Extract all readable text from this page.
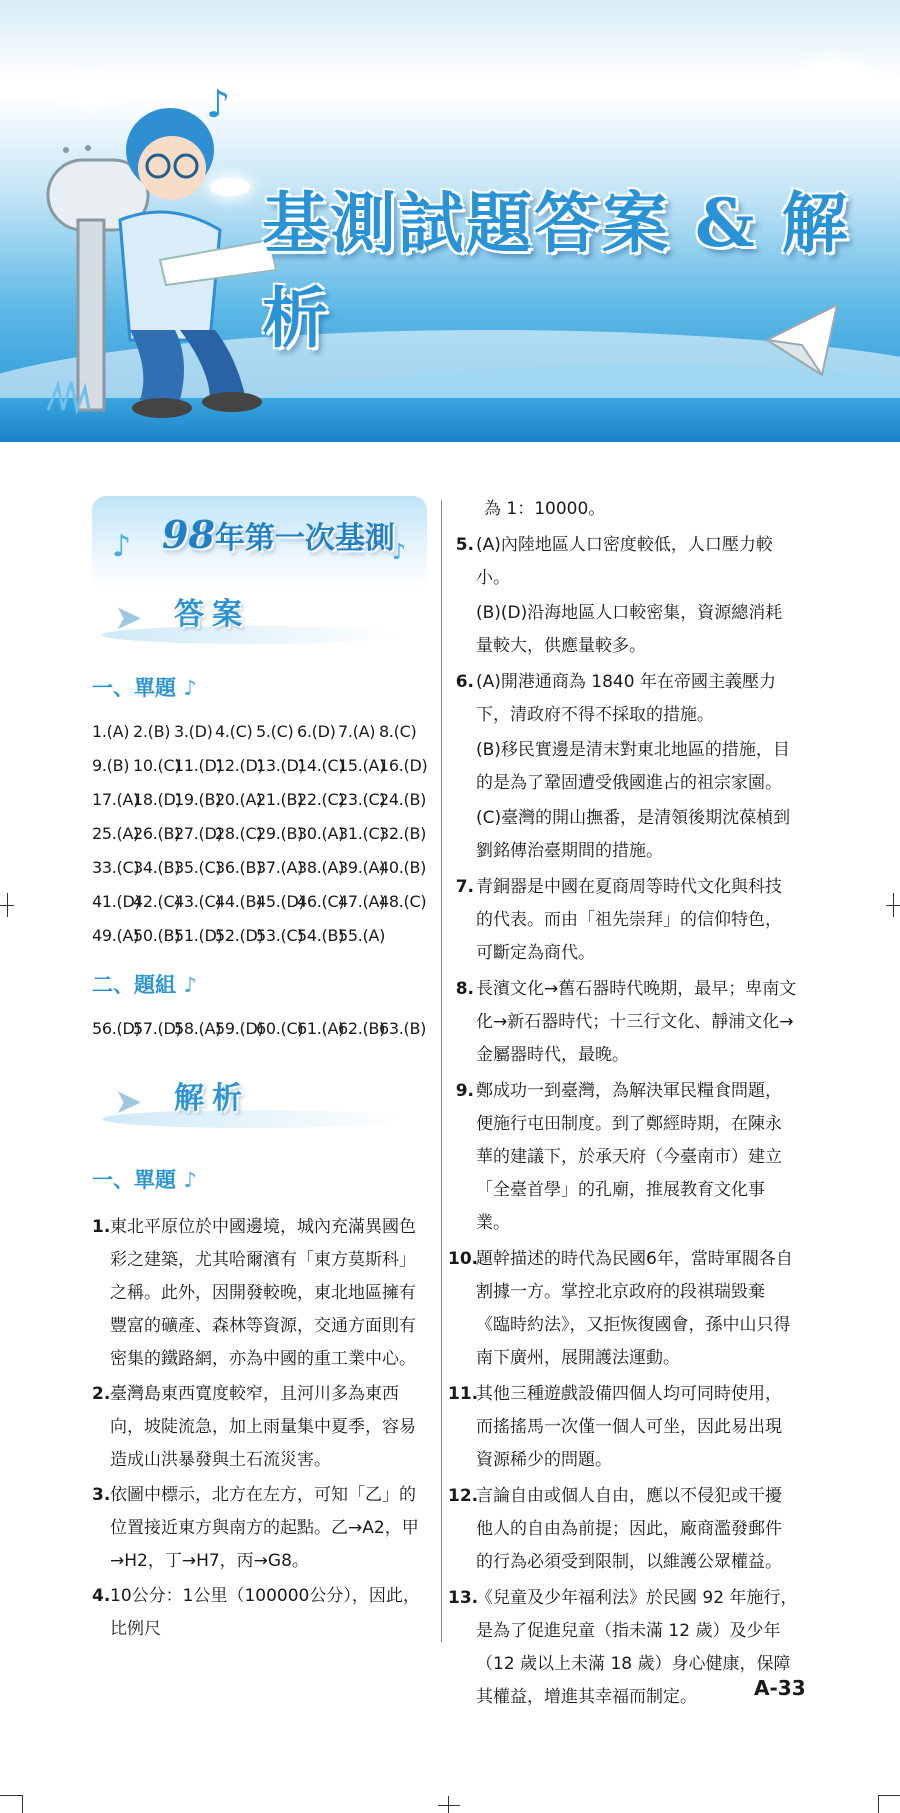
♪
基測試題答案 & 解析
♪	♪
98年第一次基測
➤ 答案
一、單題 ♪
1.(A) 2.(B) 3.(D) 4.(C) 5.(C) 6.(D) 7.(A) 8.(C)
9.(B) 10.(C)11.(D)12.(D)13.(D)14.(C)15.(A)16.(D)
17.(A)18.(D)19.(B)20.(A)21.(B)22.(C)23.(C)24.(B)
25.(A)26.(B)27.(D)28.(C)29.(B)30.(A)31.(C)32.(B)
33.(C)34.(B)35.(C)36.(B)37.(A)38.(A)39.(A)40.(B)
41.(D)42.(C)43.(C)44.(B)45.(D)46.(C)47.(A)48.(C)
49.(A)50.(B)51.(D)52.(D)53.(C)54.(B)55.(A)
二、題組 ♪
56.(D)57.(D)58.(A)59.(D)60.(C)61.(A)62.(B)63.(B)
➤ 解析
一、單題 ♪
1. 東北平原位於中國邊境，城內充滿異國色彩之建築，尤其哈爾濱有「東方莫斯科」之稱。此外，因開發較晚，東北地區擁有豐富的礦產、森林等資源，交通方面則有密集的鐵路網，亦為中國的重工業中心。
2. 臺灣島東西寬度較窄，且河川多為東西向，坡陡流急，加上雨量集中夏季，容易造成山洪暴發與土石流災害。
3. 依圖中標示，北方在左方，可知「乙」的位置接近東方與南方的起點。乙→A2，甲→H2，丁→H7，丙→G8。
4. 10公分：1公里（100000公分），因此，比例尺
為 1：10000。
5. (A)內陸地區人口密度較低，人口壓力較小。
(B)(D)沿海地區人口較密集，資源總消耗量較大，供應量較多。
6. (A)開港通商為 1840 年在帝國主義壓力下，清政府不得不採取的措施。
(B)移民實邊是清末對東北地區的措施，目的是為了鞏固遭受俄國進占的祖宗家園。
(C)臺灣的開山撫番，是清領後期沈葆楨到劉銘傳治臺期間的措施。
7. 青銅器是中國在夏商周等時代文化與科技的代表。而由「祖先崇拜」的信仰特色，可斷定為商代。
8. 長濱文化→舊石器時代晚期，最早；卑南文化→新石器時代；十三行文化、靜浦文化→金屬器時代，最晚。
9. 鄭成功一到臺灣，為解決軍民糧食問題，便施行屯田制度。到了鄭經時期，在陳永華的建議下，於承天府（今臺南市）建立「全臺首學」的孔廟，推展教育文化事業。
10.
題幹描述的時代為民國6年，當時軍閥各自割據一方。掌控北京政府的段祺瑞毀棄《臨時約法》，又拒恢復國會，孫中山只得南下廣州，展開護法運動。
11.
其他三種遊戲設備四個人均可同時使用，而搖搖馬一次僅一個人可坐，因此易出現資源稀少的問題。
12.
言論自由或個人自由，應以不侵犯或干擾他人的自由為前提；因此，廠商濫發郵件的行為必須受到限制，以維護公眾權益。
13.
《兒童及少年福利法》於民國 92 年施行，是為了促進兒童（指未滿 12 歲）及少年（12 歲以上未滿 18 歲）身心健康，保障其權益，增進其幸福而制定。	A-33
